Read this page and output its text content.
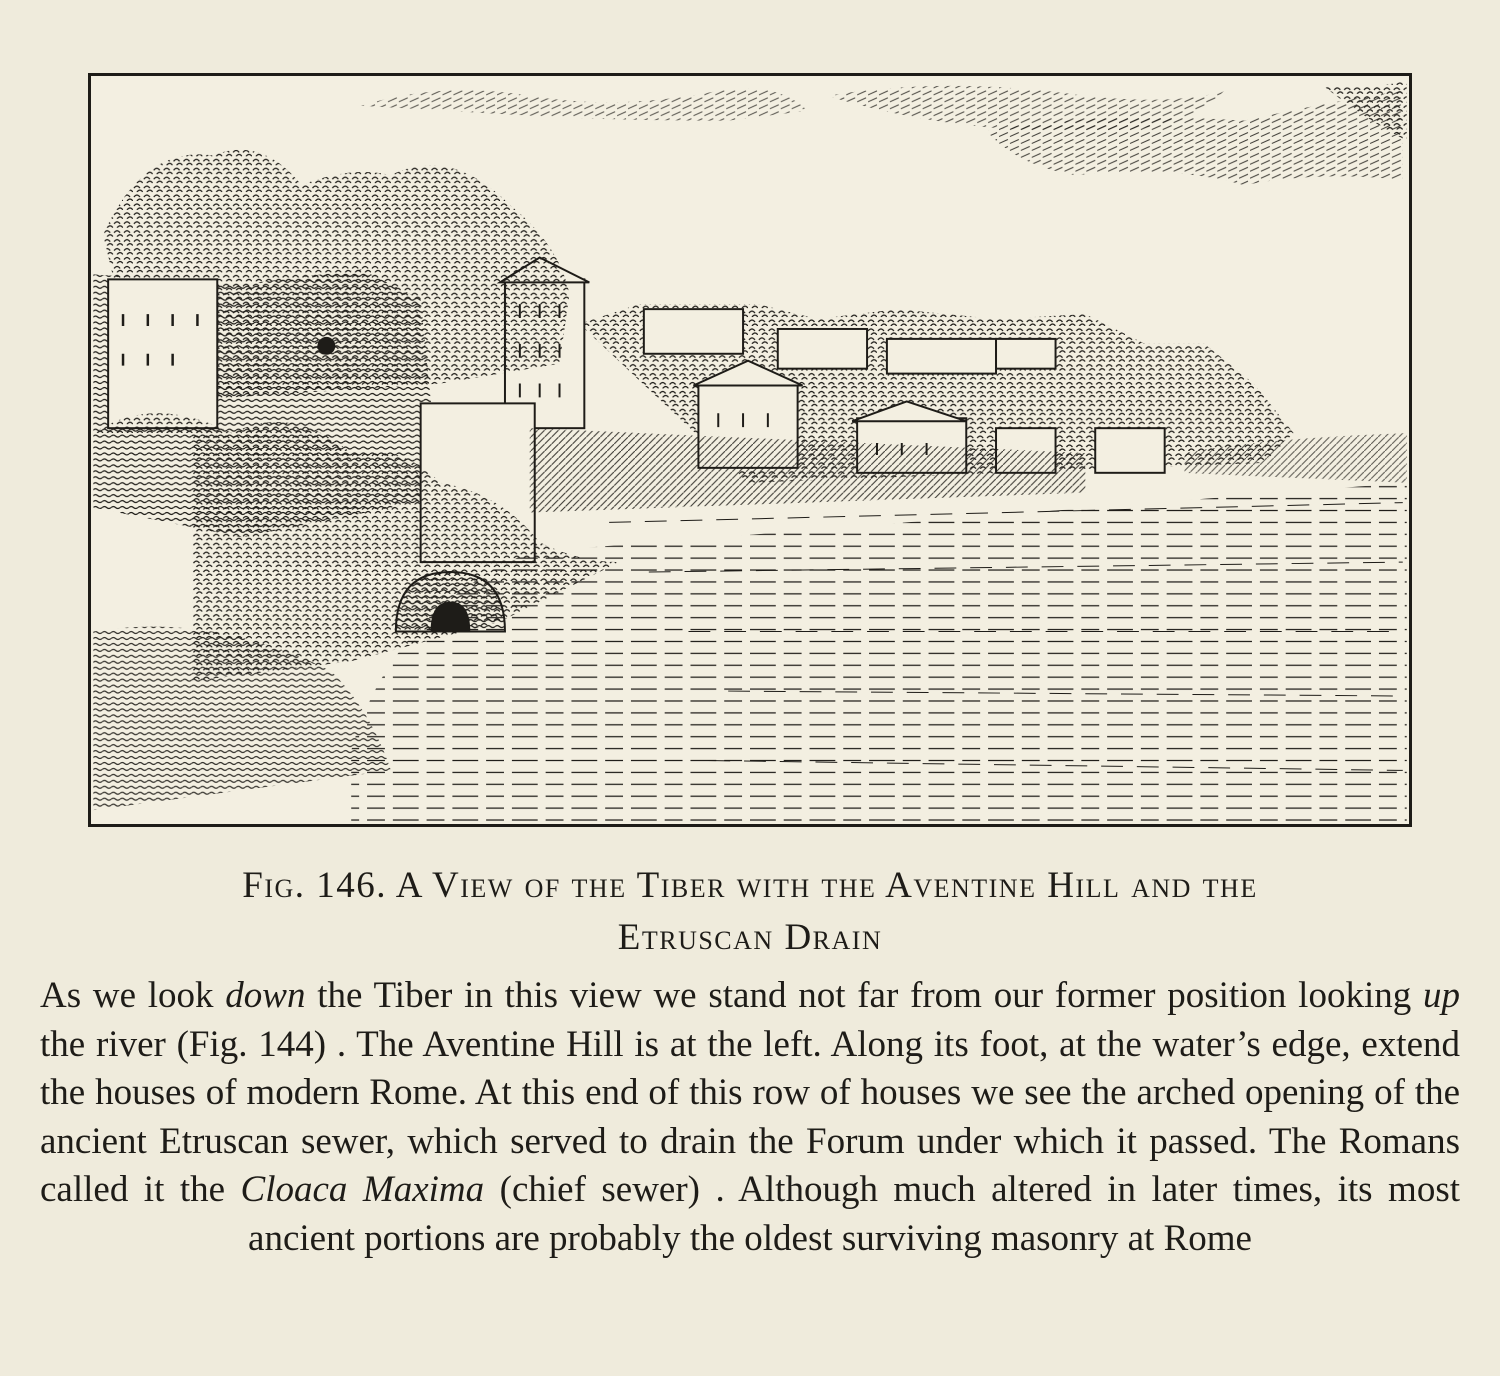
Fig. 146. A View of the Tiber with the Aventine Hill and the
Etruscan Drain
As we look down the Tiber in this view we stand not far from our former position looking up the river (Fig. 144) . The Aventine Hill is at the left. Along its foot, at the water’s edge, extend the houses of modern Rome. At this end of this row of houses we see the arched opening of the ancient Etruscan sewer, which served to drain the Forum under which it passed. The Romans called it the Cloaca Maxima (chief sewer) . Although much altered in later times, its most ancient portions are probably the oldest surviving masonry at Rome
